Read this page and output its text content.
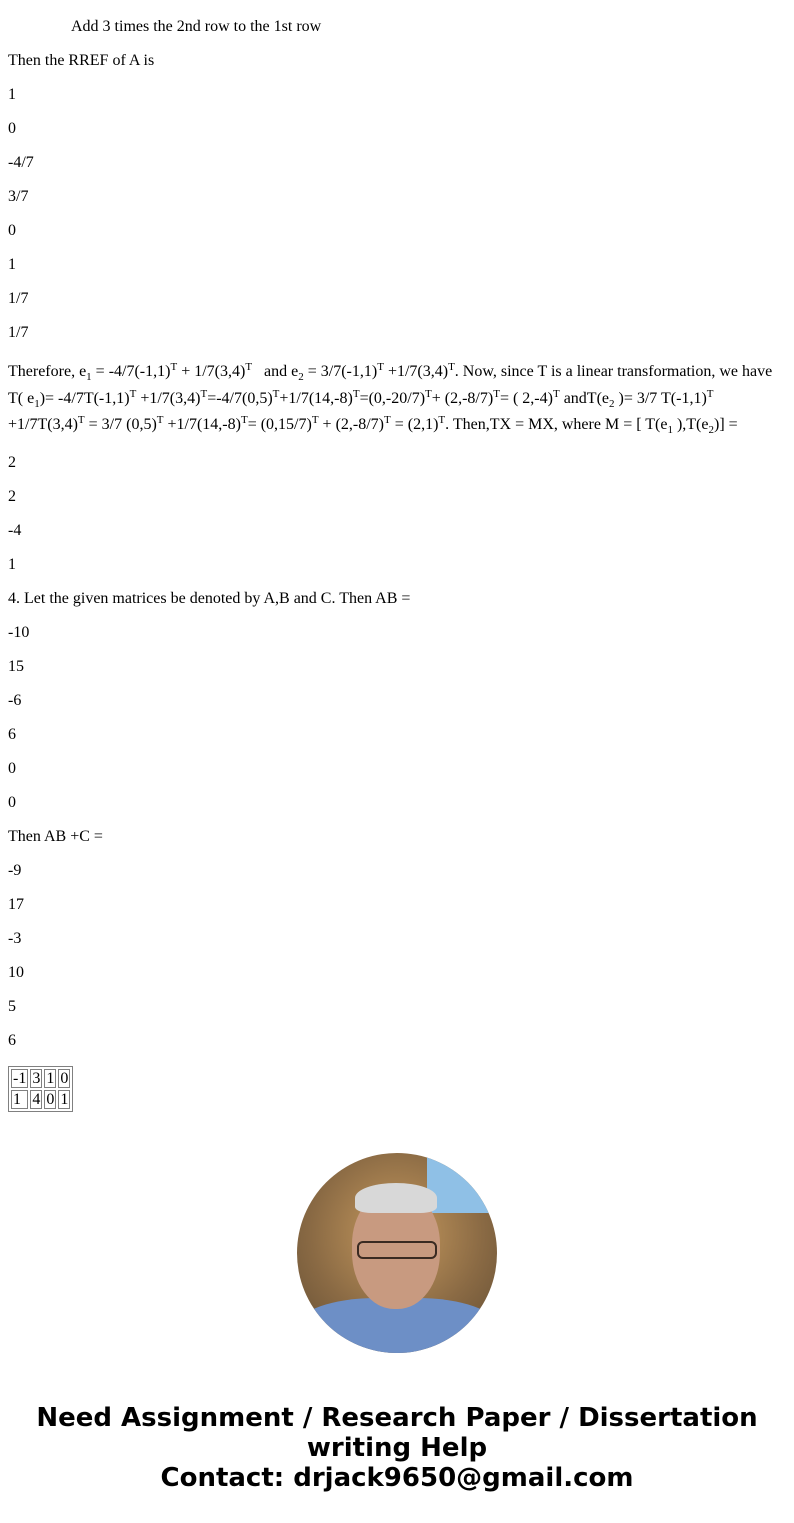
Add 3 times the 2nd row to the 1st row

Then the RREF of A is

1

0

-4/7

3/7

0

1

1/7

1/7

Therefore, $e_1 = -4/7(-1,1)^T + 1/7(3,4)^T$   and $e_2 = 3/7(-1,1)^T +1/7(3,4)^T$. Now, since T is a linear transformation, we have T( $e_1)= -4/7T(-1,1)^T +1/7(3,4)^T=-4/7(0,5)^T+1/7(14,-8)^T=(0,-20/7)^T+ (2,-8/7)^T=$ ( 2,-4)$^T$ $andT(e_2$ )= 3/7 $T(-1,1)^T +1/7T(3,4)^T = 3/7$ $(0,5)^T +1/7(14,-8)^T= (0,15/7)^T + (2,-8/7)^T = (2,1)^T$. Then,TX = MX, where M = [ $T(e_1$ )$,T(e_2)$] =

2

2

-4

1

4. Let the given matrices be denoted by A,B and C. Then AB =

-10

15

-6

6

0

0

Then AB +C =

-9

17

-3

10

5

6

-1	3	1	0
1	4	0	1
Need Assignment / Research Paper / Dissertation
writing Help
Contact: drjack9650@gmail.com
